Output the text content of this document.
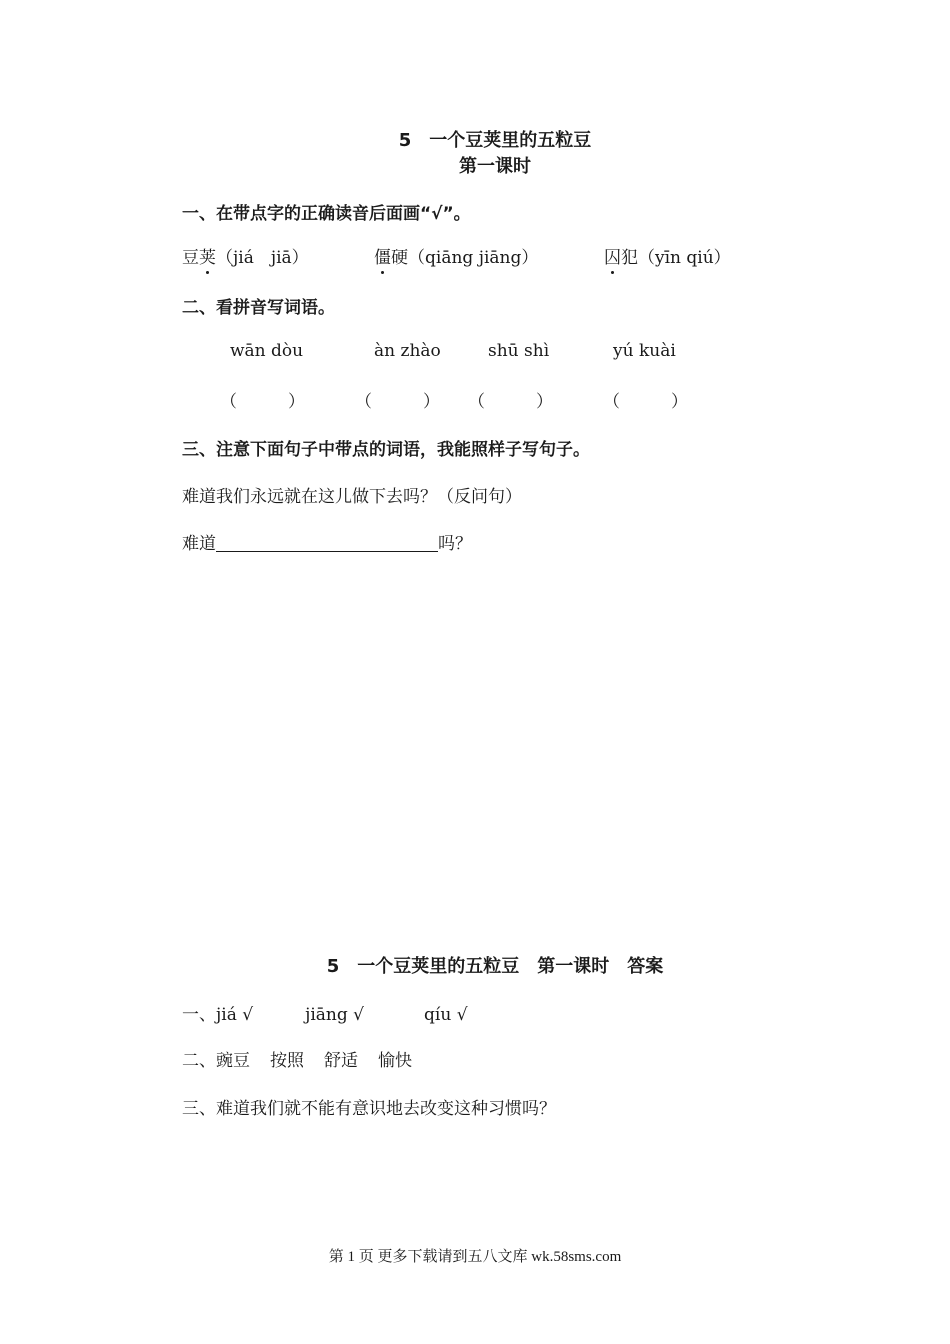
5　一个豆荚里的五粒豆
第一课时
一、在带点字的正确读音后面画“√”。
豆荚（jiá　jiā）	僵硬（qiāng jiāng）	囚犯（yīn qiú）
二、看拼音写词语。
wān dòu	àn zhào	shū shì	yú kuài
（　　　）	（　　　） （　　　）	（　　　）
三、注意下面句子中带点的词语，我能照样子写句子。
难道我们永远就在这儿做下去吗？（反问句）
难道	吗？
5　一个豆荚里的五粒豆　第一课时　答案
一、jiá √	jiāng √	qíu √
二、豌豆 按照 舒适 愉快
三、难道我们就不能有意识地去改变这种习惯吗？
第 1 页 更多下载请到五八文库 wk.58sms.com
